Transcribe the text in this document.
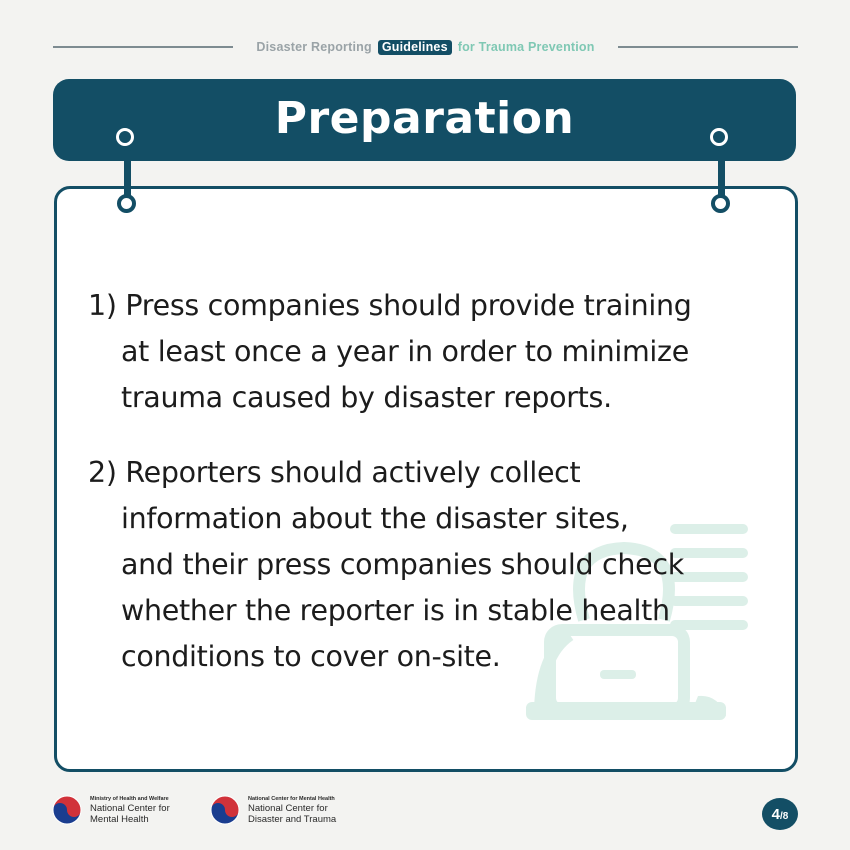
Disaster Reporting Guidelines for Trauma Prevention
Preparation
1) Press companies should provide training
at least once a year in order to minimize
trauma caused by disaster reports.
2) Reporters should actively collect
information about the disaster sites,
and their press companies should check
whether the reporter is in stable health
conditions to cover on-site.
Ministry of Health and Welfare
National Center for
Mental Health
National Center for Mental Health
National Center for
Disaster and Trauma	4 / 8
